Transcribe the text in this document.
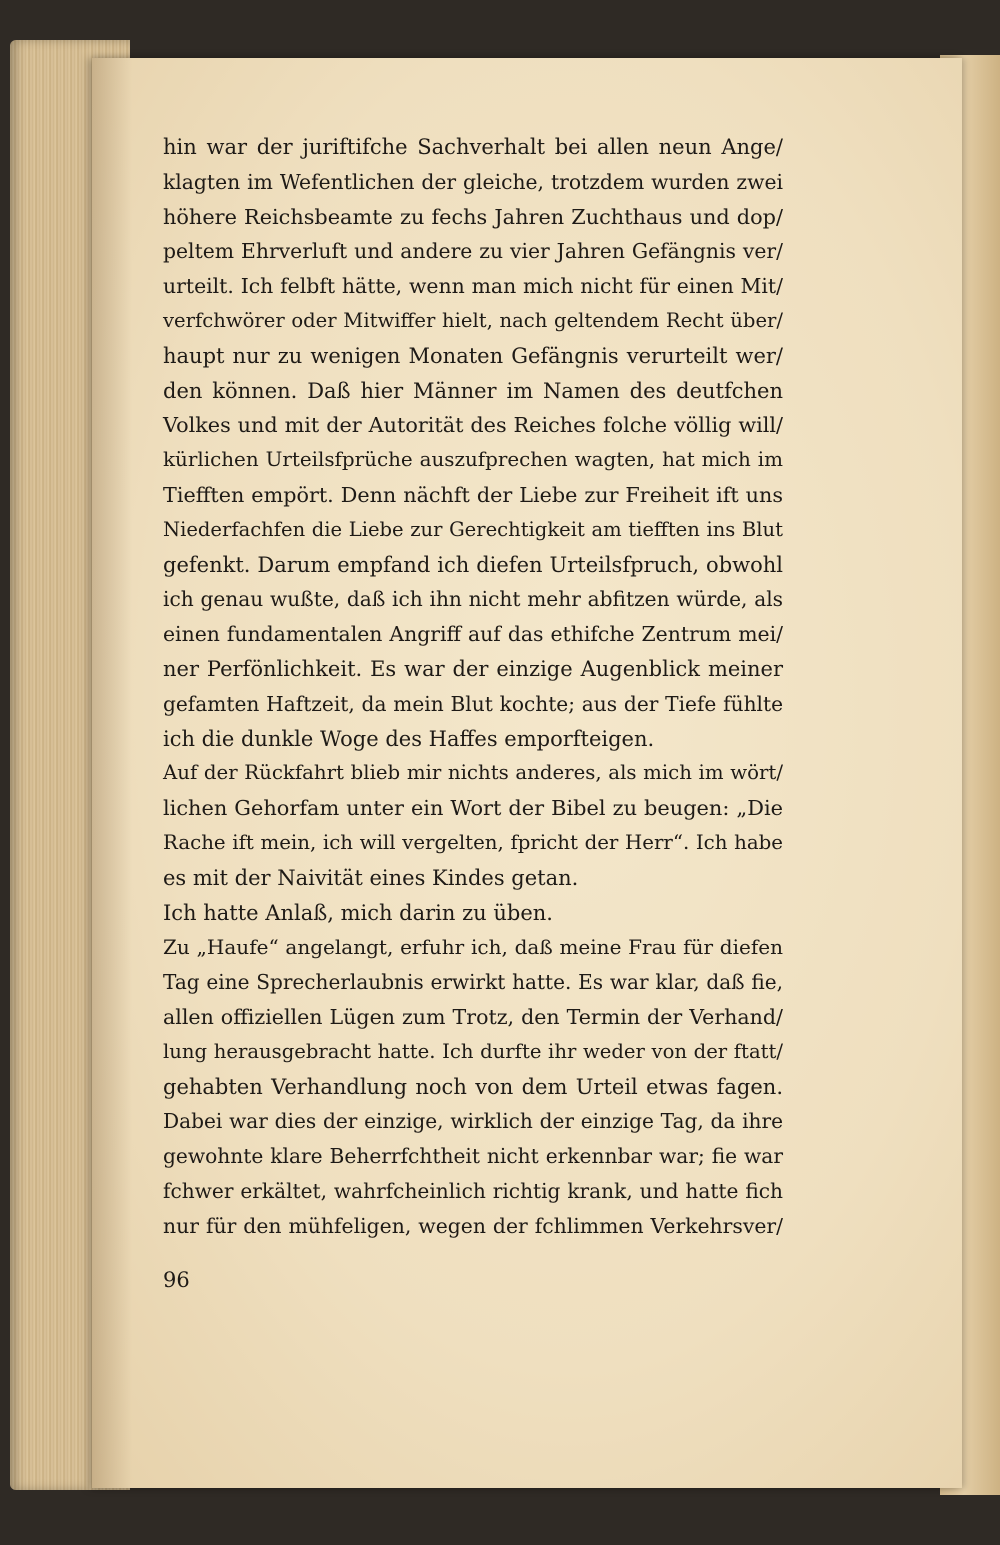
hin war der juriftifche Sachverhalt bei allen neun Ange/
klagten im Wefentlichen der gleiche, trotzdem wurden zwei
höhere Reichsbeamte zu fechs Jahren Zuchthaus und dop/
peltem Ehrverluft und andere zu vier Jahren Gefängnis ver/
urteilt. Ich felbft hätte, wenn man mich nicht für einen Mit/
verfchwörer oder Mitwiffer hielt, nach geltendem Recht über/
haupt nur zu wenigen Monaten Gefängnis verurteilt wer/
den können. Daß hier Männer im Namen des deutfchen
Volkes und mit der Autorität des Reiches folche völlig will/
kürlichen Urteilsfprüche auszufprechen wagten, hat mich im
Tiefften empört. Denn nächft der Liebe zur Freiheit ift uns
Niederfachfen die Liebe zur Gerechtigkeit am tiefften ins Blut
gefenkt. Darum empfand ich diefen Urteilsfpruch, obwohl
ich genau wußte, daß ich ihn nicht mehr abfitzen würde, als
einen fundamentalen Angriff auf das ethifche Zentrum mei/
ner Perfönlichkeit. Es war der einzige Augenblick meiner
gefamten Haftzeit, da mein Blut kochte; aus der Tiefe fühlte
ich die dunkle Woge des Haffes emporfteigen.
Auf der Rückfahrt blieb mir nichts anderes, als mich im wört/
lichen Gehorfam unter ein Wort der Bibel zu beugen: „Die
Rache ift mein, ich will vergelten, fpricht der Herr“. Ich habe
es mit der Naivität eines Kindes getan.
Ich hatte Anlaß, mich darin zu üben.
Zu „Haufe“ angelangt, erfuhr ich, daß meine Frau für diefen
Tag eine Sprecherlaubnis erwirkt hatte. Es war klar, daß fie,
allen offiziellen Lügen zum Trotz, den Termin der Verhand/
lung herausgebracht hatte. Ich durfte ihr weder von der ftatt/
gehabten Verhandlung noch von dem Urteil etwas fagen.
Dabei war dies der einzige, wirklich der einzige Tag, da ihre
gewohnte klare Beherrfchtheit nicht erkennbar war; fie war
fchwer erkältet, wahrfcheinlich richtig krank, und hatte fich
nur für den mühfeligen, wegen der fchlimmen Verkehrsver/
96
